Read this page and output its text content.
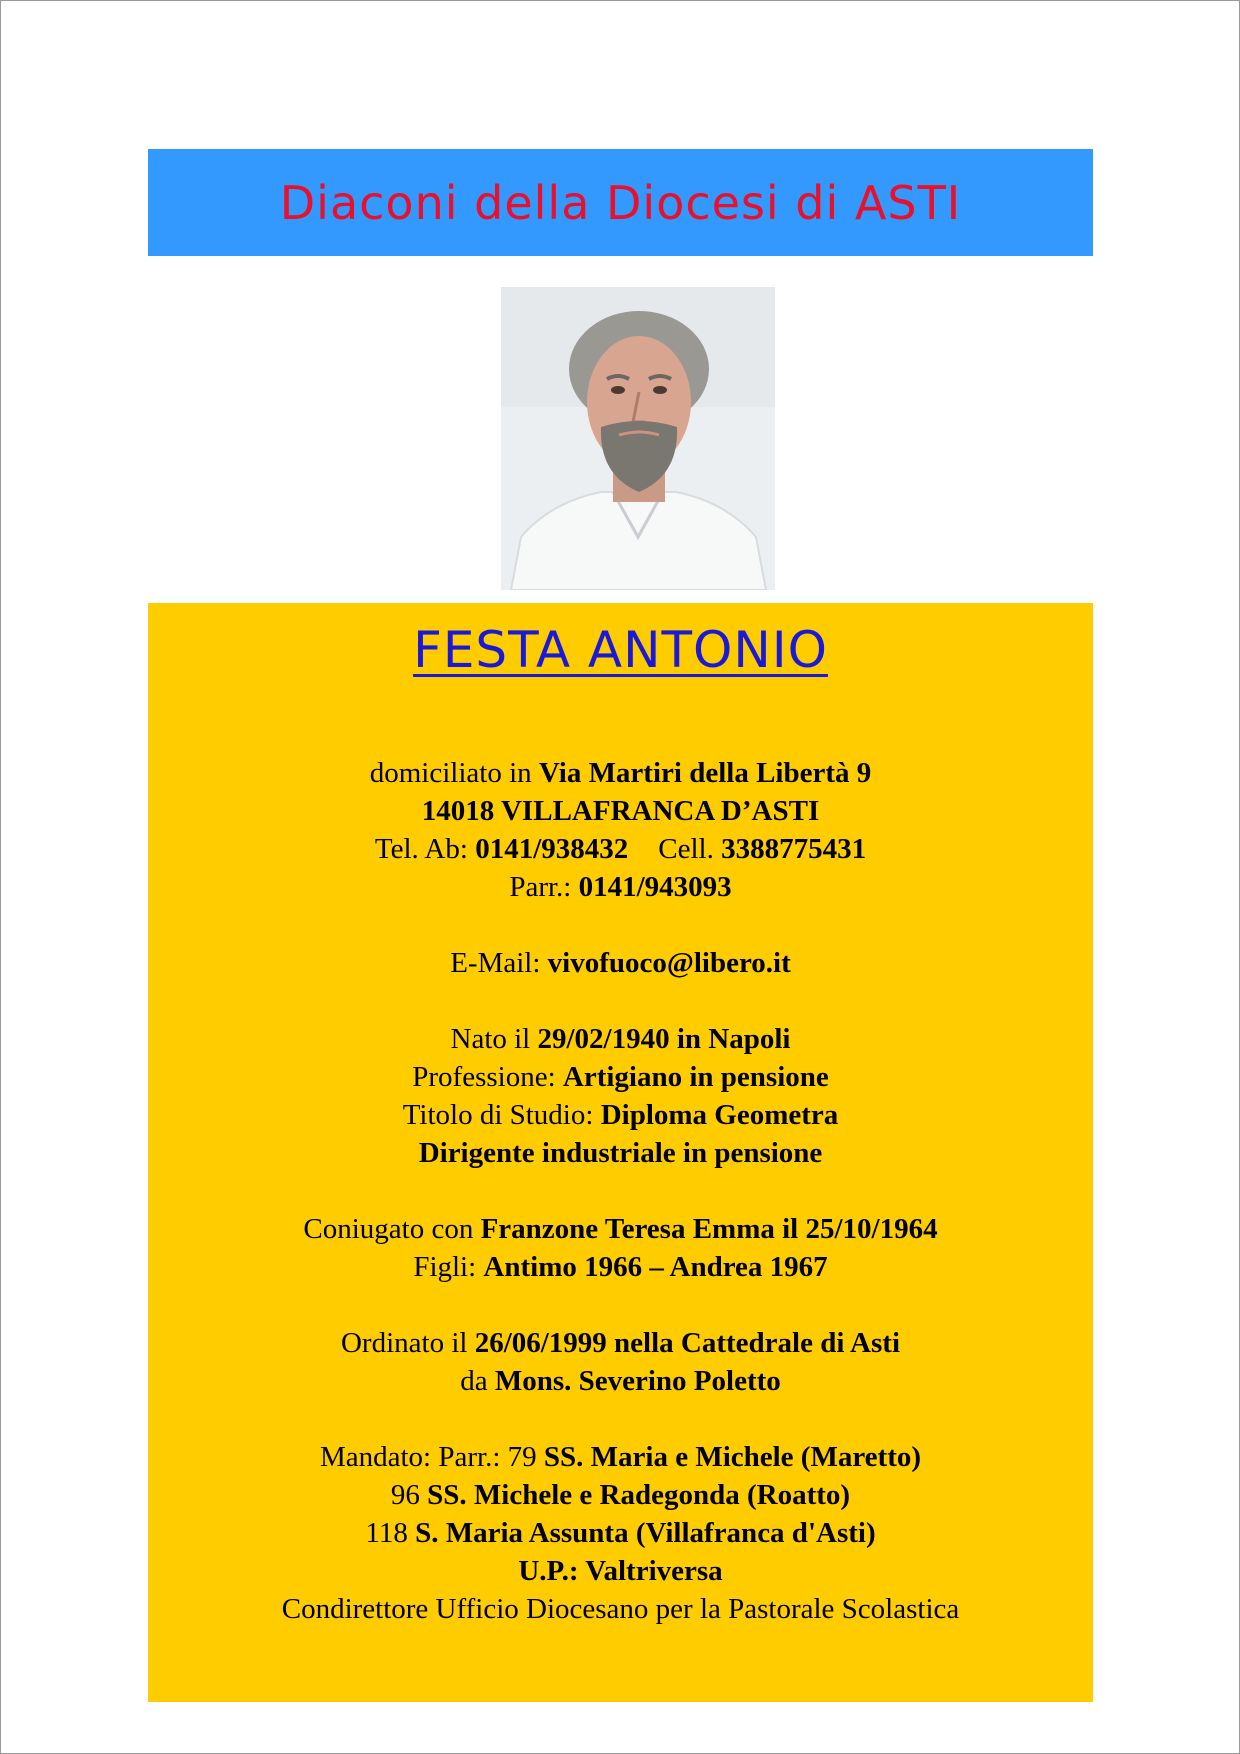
Diaconi della Diocesi di ASTI
FESTA ANTONIO
domiciliato in Via Martiri della Libertà 9
14018 VILLAFRANCA D’ASTI
Tel. Ab: 0141/938432 Cell. 3388775431
Parr.: 0141/943093
E-Mail: vivofuoco@libero.it
Nato il 29/02/1940 in Napoli
Professione: Artigiano in pensione
Titolo di Studio: Diploma Geometra
Dirigente industriale in pensione
Coniugato con Franzone Teresa Emma il 25/10/1964
Figli: Antimo 1966 – Andrea 1967
Ordinato il 26/06/1999 nella Cattedrale di Asti
da Mons. Severino Poletto
Mandato: Parr.: 79 SS. Maria e Michele (Maretto)
96 SS. Michele e Radegonda (Roatto)
118 S. Maria Assunta (Villafranca d'Asti)
U.P.: Valtriversa
Condirettore Ufficio Diocesano per la Pastorale Scolastica
